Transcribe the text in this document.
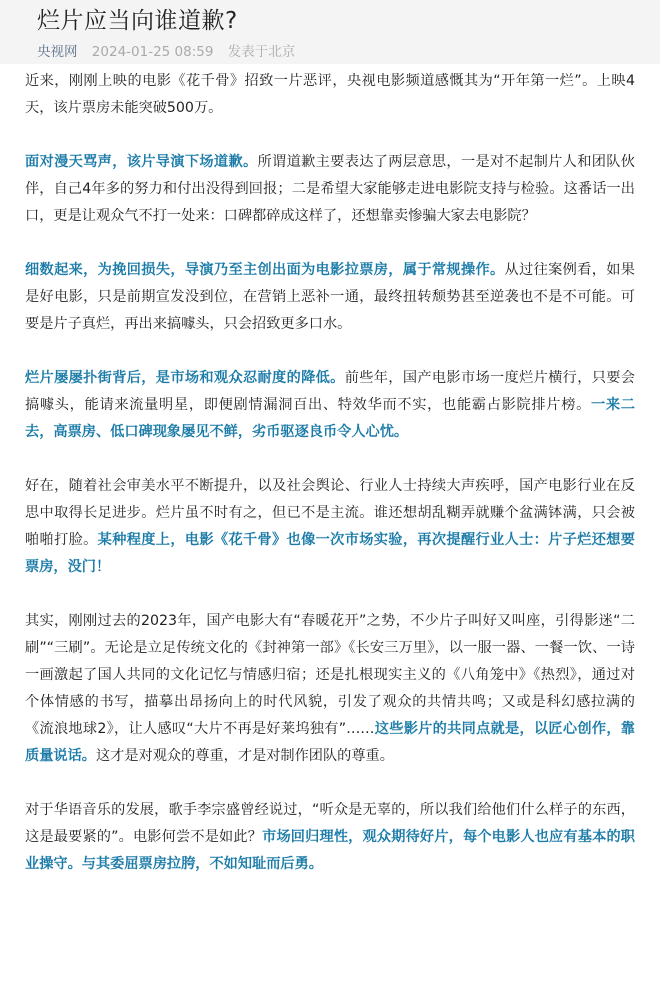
烂片应当向谁道歉?
央视网 2024-01-25 08:59 发表于北京

近来，刚刚上映的电影《花千骨》招致一片恶评，央视电影频道感慨其为“开年第一烂”。上映4天，该片票房未能突破500万。

面对漫天骂声，该片导演下场道歉。所谓道歉主要表达了两层意思，一是对不起制片人和团队伙伴，自己4年多的努力和付出没得到回报；二是希望大家能够走进电影院支持与检验。这番话一出口，更是让观众气不打一处来：口碑都碎成这样了，还想靠卖惨骗大家去电影院？

细数起来，为挽回损失，导演乃至主创出面为电影拉票房，属于常规操作。从过往案例看，如果是好电影，只是前期宣发没到位，在营销上恶补一通，最终扭转颓势甚至逆袭也不是不可能。可要是片子真烂，再出来搞噱头，只会招致更多口水。

烂片屡屡扑街背后，是市场和观众忍耐度的降低。前些年，国产电影市场一度烂片横行，只要会搞噱头，能请来流量明星，即便剧情漏洞百出、特效华而不实，也能霸占影院排片榜。一来二去，高票房、低口碑现象屡见不鲜，劣币驱逐良币令人心忧。

好在，随着社会审美水平不断提升，以及社会舆论、行业人士持续大声疾呼，国产电影行业在反思中取得长足进步。烂片虽不时有之，但已不是主流。谁还想胡乱糊弄就赚个盆满钵满，只会被啪啪打脸。某种程度上，电影《花千骨》也像一次市场实验，再次提醒行业人士：片子烂还想要票房，没门！

其实，刚刚过去的2023年，国产电影大有“春暖花开”之势，不少片子叫好又叫座，引得影迷“二刷”“三刷”。无论是立足传统文化的《封神第一部》《长安三万里》，以一服一器、一餐一饮、一诗一画激起了国人共同的文化记忆与情感归宿；还是扎根现实主义的《八角笼中》《热烈》，通过对个体情感的书写，描摹出昂扬向上的时代风貌，引发了观众的共情共鸣；又或是科幻感拉满的《流浪地球2》，让人感叹“大片不再是好莱坞独有”……这些影片的共同点就是，以匠心创作，靠质量说话。这才是对观众的尊重，才是对制作团队的尊重。

对于华语音乐的发展，歌手李宗盛曾经说过，“听众是无辜的，所以我们给他们什么样子的东西，这是最要紧的”。电影何尝不是如此？市场回归理性，观众期待好片，每个电影人也应有基本的职业操守。与其委屈票房拉胯，不如知耻而后勇。
